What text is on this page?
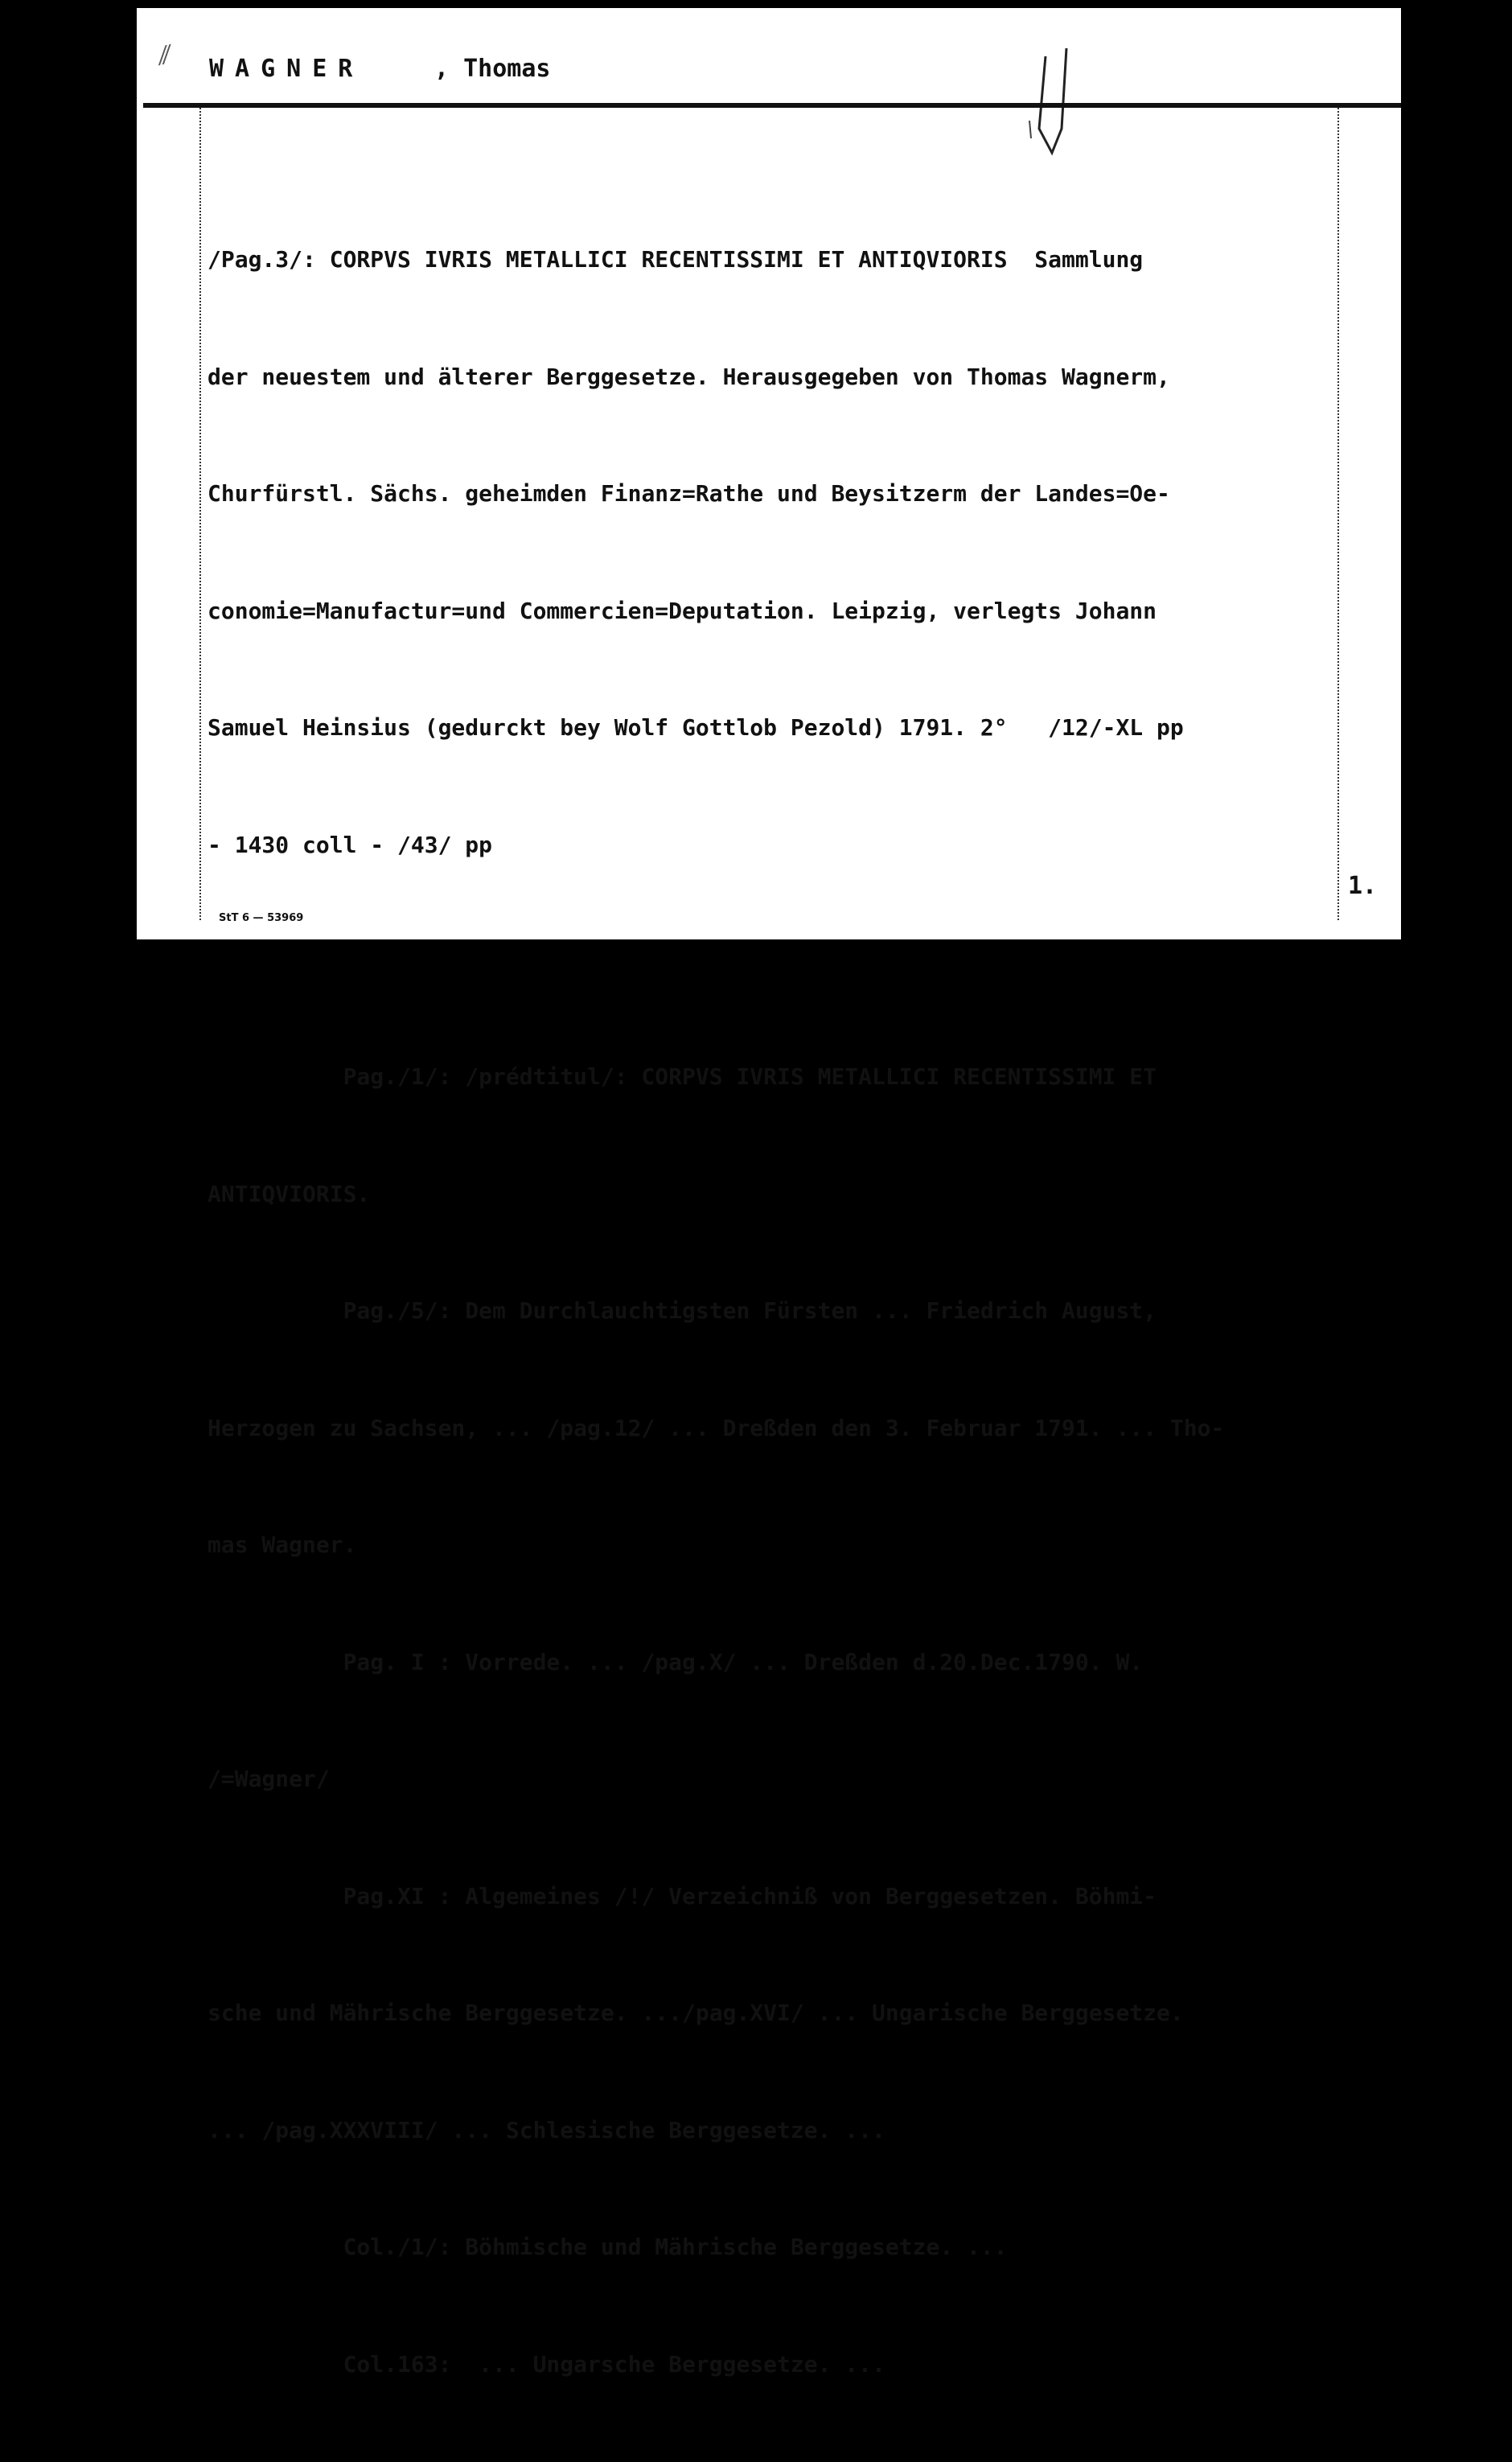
⁄⁄ WAGNER	, Thomas

/Pag.3/: CORPVS IVRIS METALLICI RECENTISSIMI ET ANTIQVIORIS  Sammlung

der neuestem und älterer Berggesetze. Herausgegeben von Thomas Wagnerm,

Churfürstl. Sächs. geheimden Finanz=Rathe und Beysitzerm der Landes=Oe-

conomie=Manufactur=und Commercien=Deputation. Leipzig, verlegts Johann

Samuel Heinsius (gedurckt bey Wolf Gottlob Pezold) 1791. 2°   /12/-XL pp

- 1430 coll - /43/ pp

Pag./1/: /prédtitul/: CORPVS IVRIS METALLICI RECENTISSIMI ET

ANTIQVIORIS.

Pag./5/: Dem Durchlauchtigsten Fürsten ... Friedrich August,

Herzogen zu Sachsen, ... /pag.12/ ... Dreßden den 3. Februar 1791. ... Tho-

mas Wagner.

Pag. I : Vorrede. ... /pag.X/ ... Dreßden d.20.Dec.1790. W.

/=Wagner/

Pag.XI : Algemeines /!/ Verzeichniß von Berggesetzen. Böhmi-

sche und Mährische Berggesetze. .../pag.XVI/ ... Ungarische Berggesetze.

... /pag.XXXVIII/ ... Schlesische Berggesetze. ...

Col./1/: Böhmische und Mährische Berggesetze. ...

Col.163:  ... Ungarsche Berggesetze. ...

1.
StT 6 — 53969
